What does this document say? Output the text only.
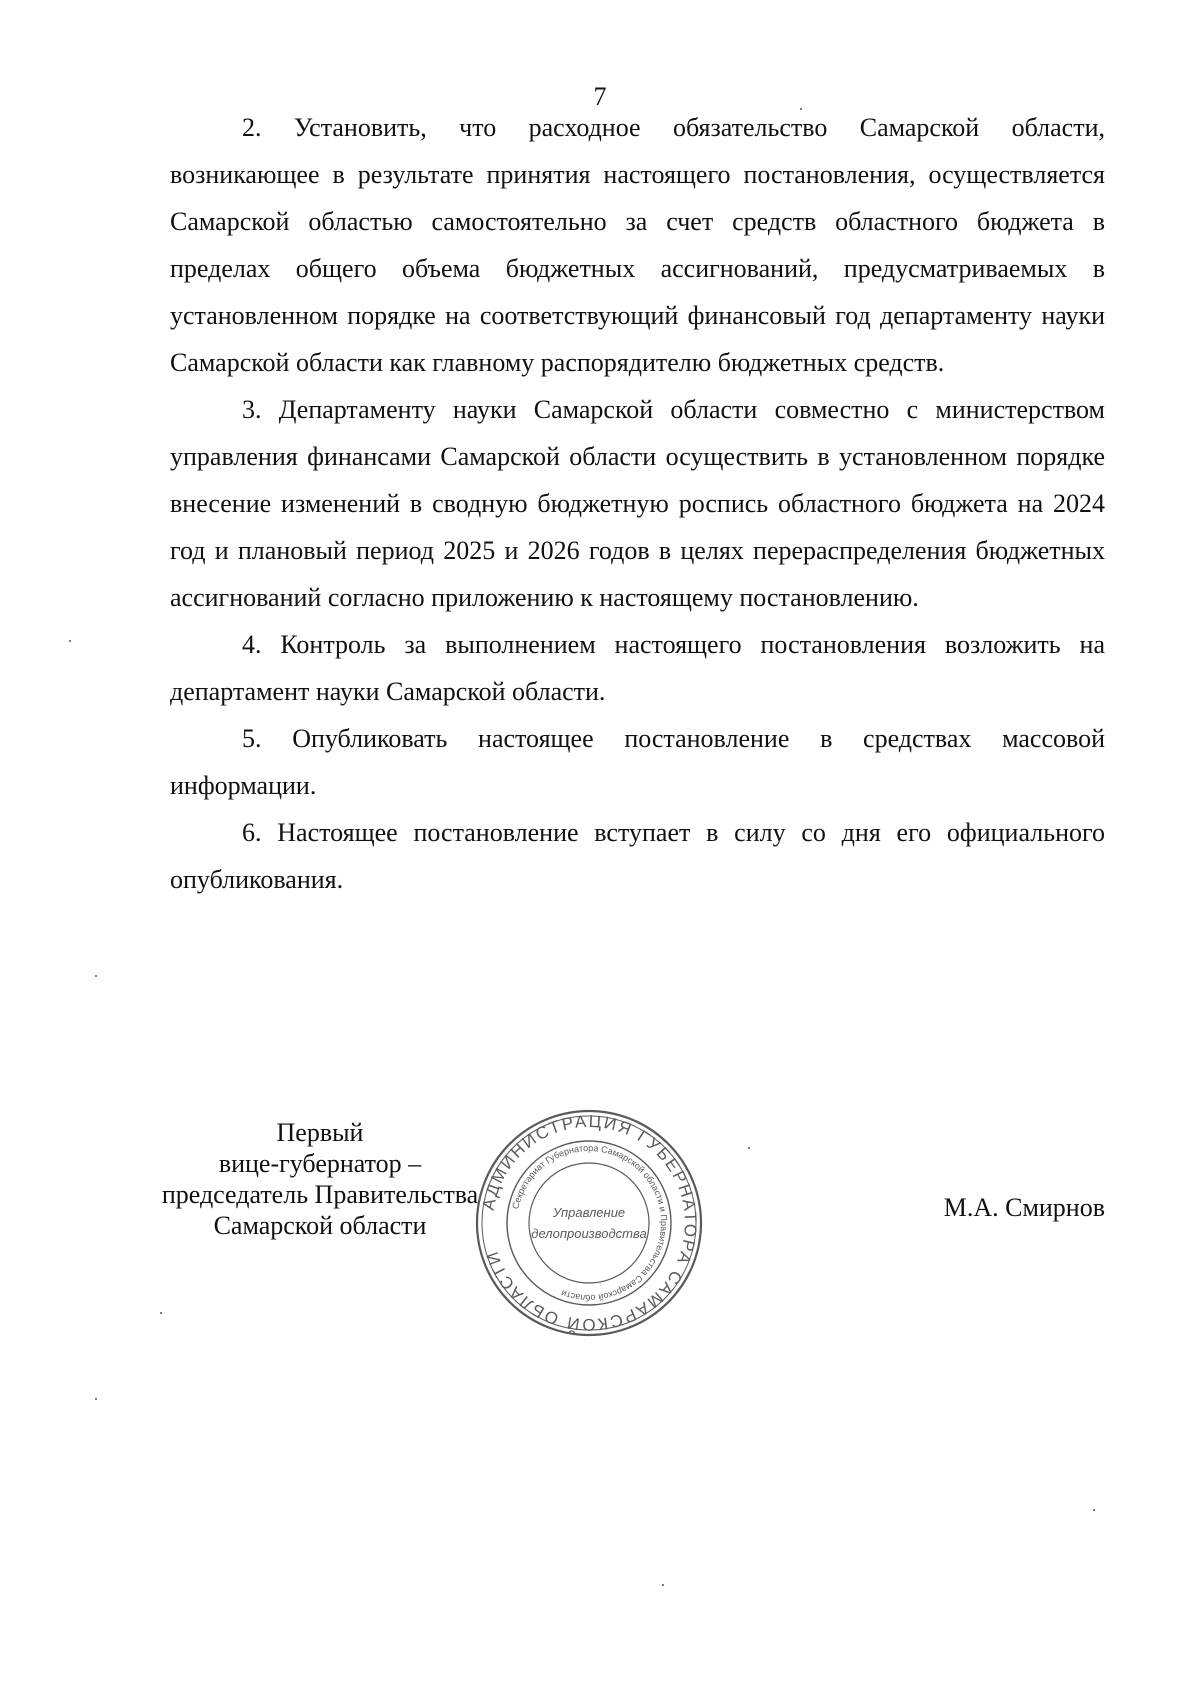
7

2. Установить, что расходное обязательство Самарской области, возникающее в результате принятия настоящего постановления, осуществляется Самарской областью самостоятельно за счет средств областного бюджета в пределах общего объема бюджетных ассигнований, предусматриваемых в установленном порядке на соответствующий финансовый год департаменту науки Самарской области как главному распорядителю бюджетных средств.

3. Департаменту науки Самарской области совместно с министерством управления финансами Самарской области осуществить в установленном порядке внесение изменений в сводную бюджетную роспись областного бюджета на 2024 год и плановый период 2025 и 2026 годов в целях перераспределения бюджетных ассигнований согласно приложению к настоящему постановлению.

4. Контроль за выполнением настоящего постановления возложить на департамент науки Самарской области.

5. Опубликовать настоящее постановление в средствах массовой информации.

6. Настоящее постановление вступает в силу со дня его официального опубликования.

Первый
вице-губернатор –
председатель Правительства
Самарской области
АДМИНИСТРАЦИЯ ГУБЕРНАТОРА САМАРСКОЙ ОБЛАСТИ
Секретариат Губернатора Самарской области и Правительства Самарской области
Управление
делопроизводства
М.А. Смирнов
